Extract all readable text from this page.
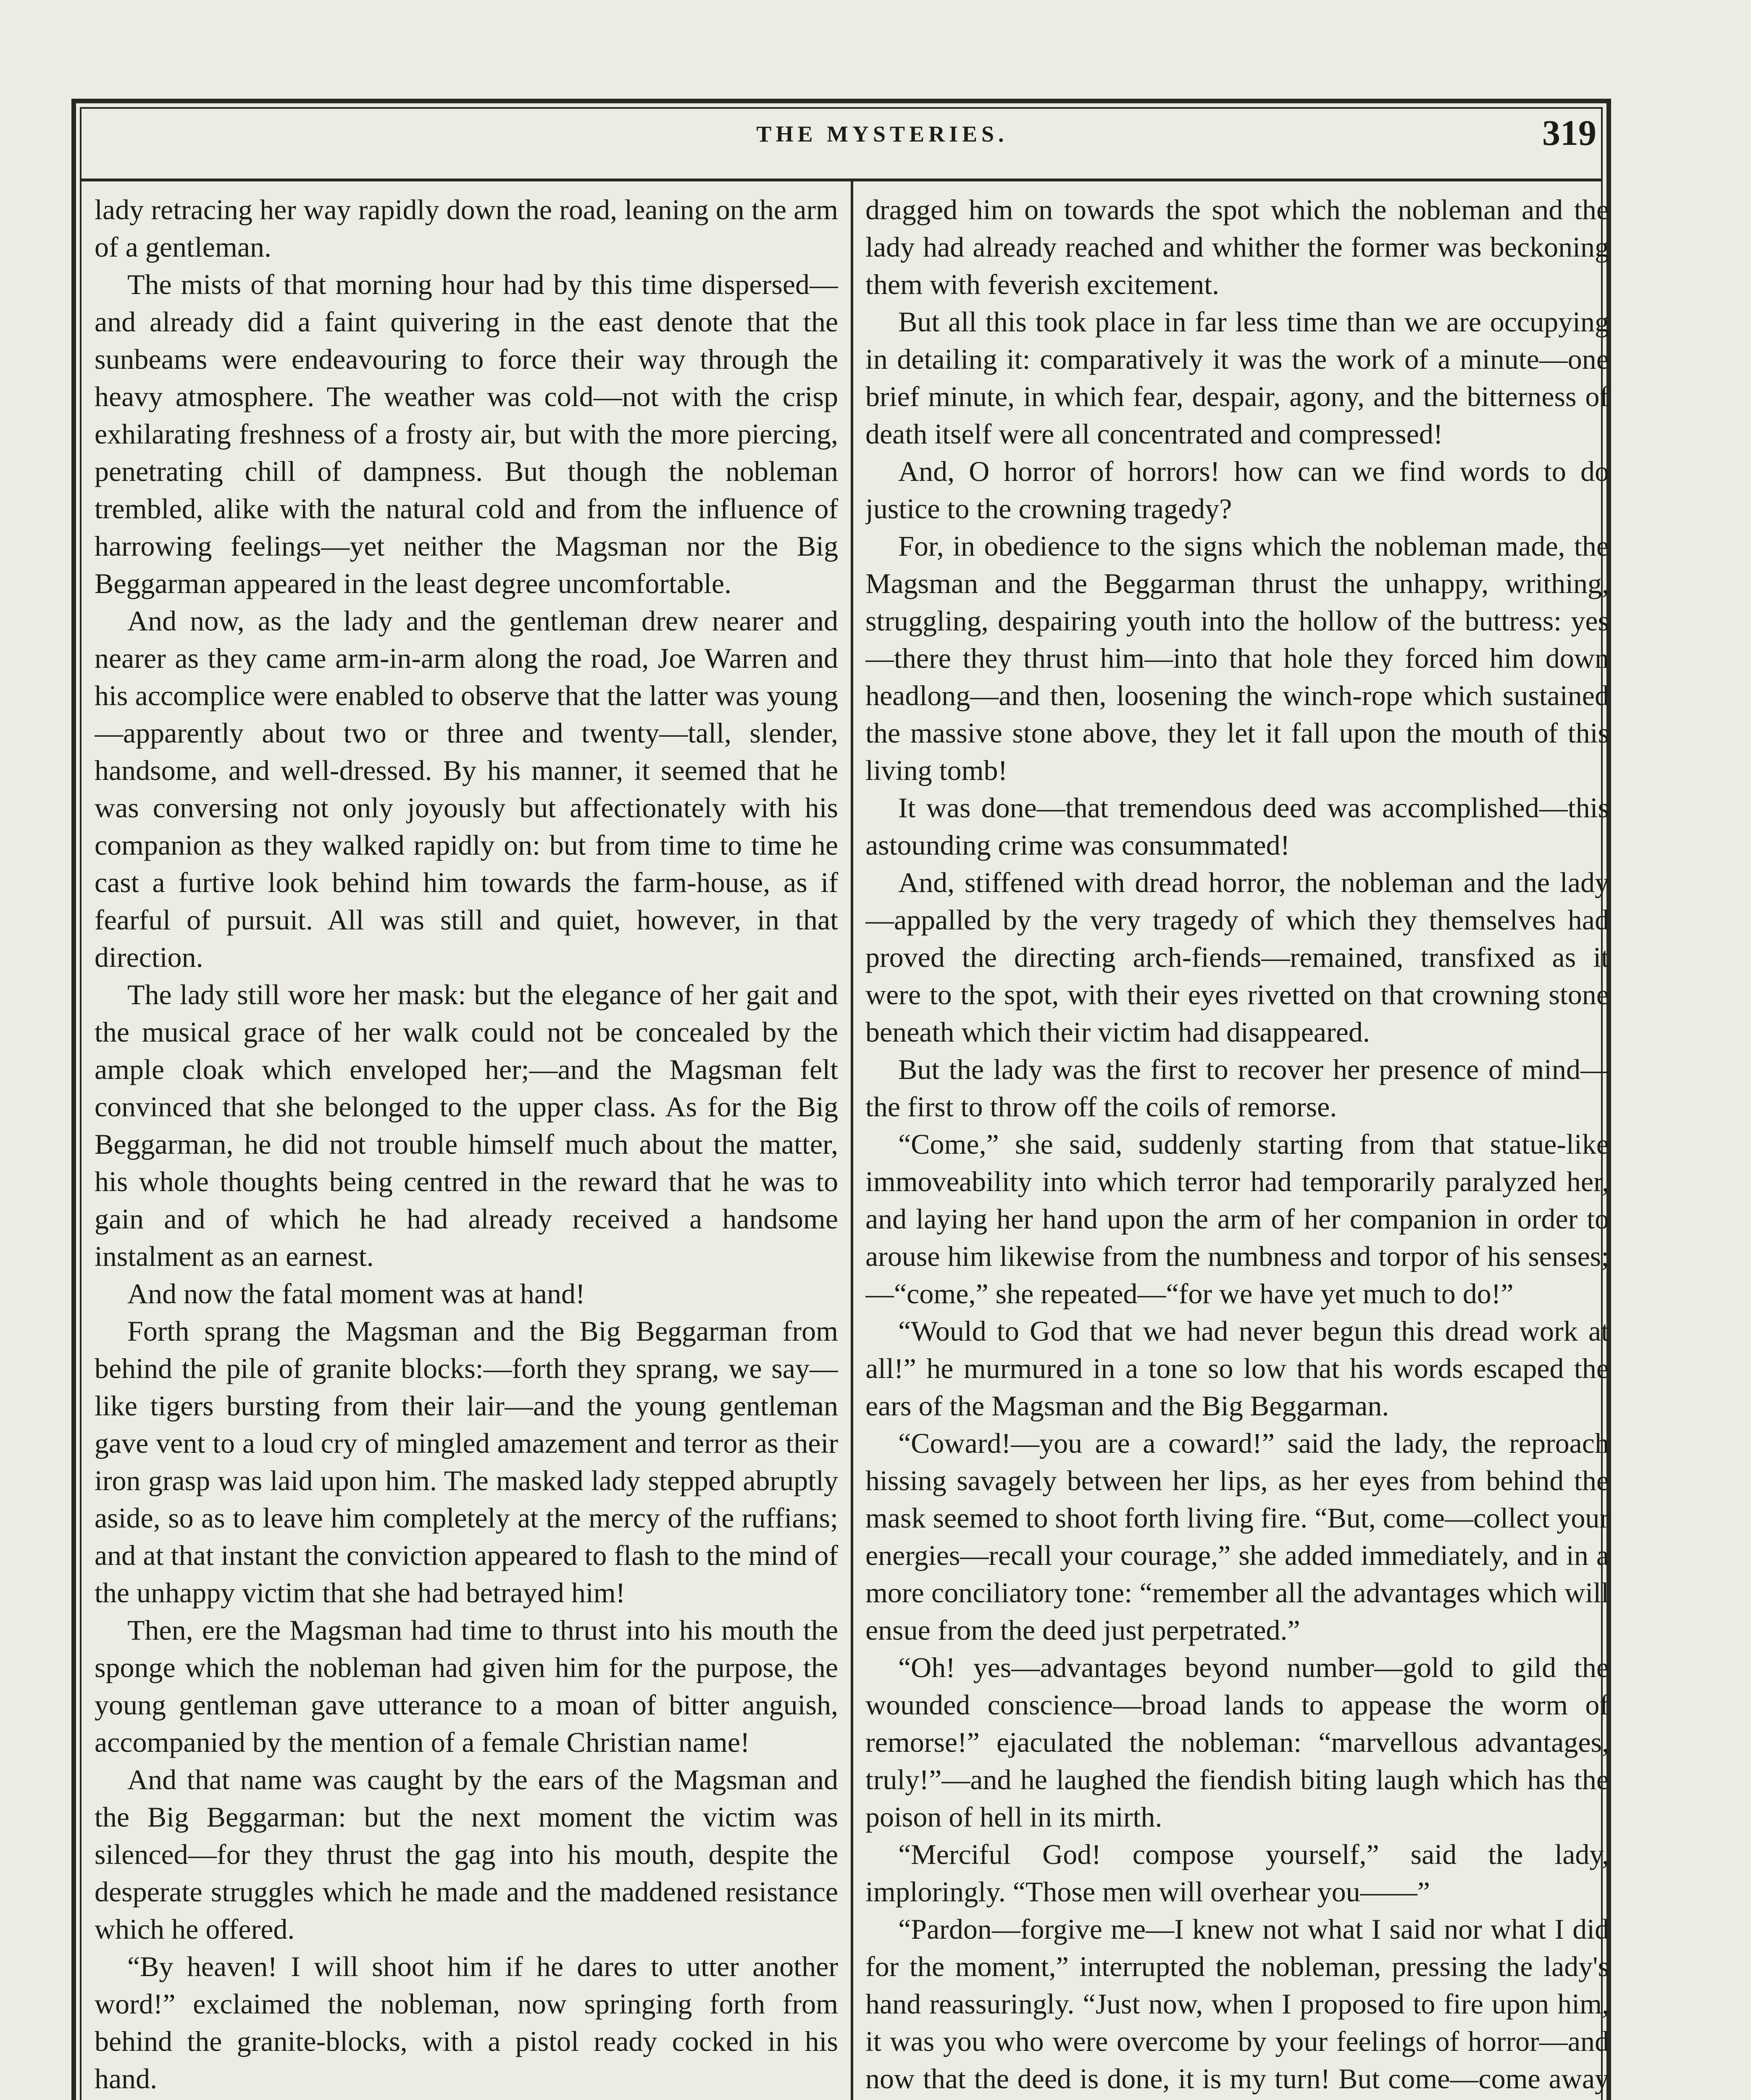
THE MYSTERIES.	319

lady retracing her way rapidly down the road, leaning on the arm of a gentleman.

The mists of that morning hour had by this time dispersed—and already did a faint quivering in the east denote that the sunbeams were endeavouring to force their way through the heavy atmosphere. The weather was cold—not with the crisp exhilarating freshness of a frosty air, but with the more piercing, penetrating chill of dampness. But though the nobleman trembled, alike with the natural cold and from the influence of harrowing feelings—yet neither the Magsman nor the Big Beggarman appeared in the least degree uncomfortable.

And now, as the lady and the gentleman drew nearer and nearer as they came arm-in-arm along the road, Joe Warren and his accomplice were enabled to observe that the latter was young—apparently about two or three and twenty—tall, slender, handsome, and well-dressed. By his manner, it seemed that he was conversing not only joyously but affectionately with his companion as they walked rapidly on: but from time to time he cast a furtive look behind him towards the farm-house, as if fearful of pursuit. All was still and quiet, however, in that direction.

The lady still wore her mask: but the elegance of her gait and the musical grace of her walk could not be concealed by the ample cloak which enveloped her;—and the Magsman felt convinced that she belonged to the upper class. As for the Big Beggarman, he did not trouble himself much about the matter, his whole thoughts being centred in the reward that he was to gain and of which he had already received a handsome instalment as an earnest.

And now the fatal moment was at hand!

Forth sprang the Magsman and the Big Beggarman from behind the pile of granite blocks:—forth they sprang, we say—like tigers bursting from their lair—and the young gentleman gave vent to a loud cry of mingled amazement and terror as their iron grasp was laid upon him. The masked lady stepped abruptly aside, so as to leave him completely at the mercy of the ruffians; and at that instant the conviction appeared to flash to the mind of the unhappy victim that she had betrayed him!

Then, ere the Magsman had time to thrust into his mouth the sponge which the nobleman had given him for the purpose, the young gentleman gave utterance to a moan of bitter anguish, accompanied by the mention of a female Christian name!

And that name was caught by the ears of the Magsman and the Big Beggarman: but the next moment the victim was silenced—for they thrust the gag into his mouth, despite the desperate struggles which he made and the maddened resistance which he offered.

“By heaven! I will shoot him if he dares to utter another word!” exclaimed the nobleman, now springing forth from behind the granite-blocks, with a pistol ready cocked in his hand.

dragged him on towards the spot which the nobleman and the lady had already reached and whither the former was beckoning them with feverish excitement.

But all this took place in far less time than we are occupying in detailing it: comparatively it was the work of a minute—one brief minute, in which fear, despair, agony, and the bitterness of death itself were all concentrated and compressed!

And, O horror of horrors! how can we find words to do justice to the crowning tragedy?

For, in obedience to the signs which the nobleman made, the Magsman and the Beggarman thrust the unhappy, writhing, struggling, despairing youth into the hollow of the buttress: yes—there they thrust him—into that hole they forced him down headlong—and then, loosening the winch-rope which sustained the massive stone above, they let it fall upon the mouth of this living tomb!

It was done—that tremendous deed was accomplished—this astounding crime was consummated!

And, stiffened with dread horror, the nobleman and the lady—appalled by the very tragedy of which they themselves had proved the directing arch-fiends—remained, transfixed as it were to the spot, with their eyes rivetted on that crowning stone beneath which their victim had disappeared.

But the lady was the first to recover her presence of mind—the first to throw off the coils of remorse.

“Come,” she said, suddenly starting from that statue-like immoveability into which terror had temporarily paralyzed her, and laying her hand upon the arm of her companion in order to arouse him likewise from the numbness and torpor of his senses;—“come,” she repeated—“for we have yet much to do!”

“Would to God that we had never begun this dread work at all!” he murmured in a tone so low that his words escaped the ears of the Magsman and the Big Beggarman.

“Coward!—you are a coward!” said the lady, the reproach hissing savagely between her lips, as her eyes from behind the mask seemed to shoot forth living fire. “But, come—collect your energies—recall your courage,” she added immediately, and in a more conciliatory tone: “remember all the advantages which will ensue from the deed just perpetrated.”

“Oh! yes—advantages beyond number—gold to gild the wounded conscience—broad lands to appease the worm of remorse!” ejaculated the nobleman: “marvellous advantages, truly!”—and he laughed the fiendish biting laugh which has the poison of hell in its mirth.

“Merciful God! compose yourself,” said the lady, imploringly. “Those men will overhear you——”

“Pardon—forgive me—I knew not what I said nor what I did for the moment,” interrupted the nobleman, pressing the lady's hand reassuringly. “Just now, when I proposed to fire upon him, it was you who were overcome by your feelings of horror—and now that the deed is done, it is my turn! But come—come away
